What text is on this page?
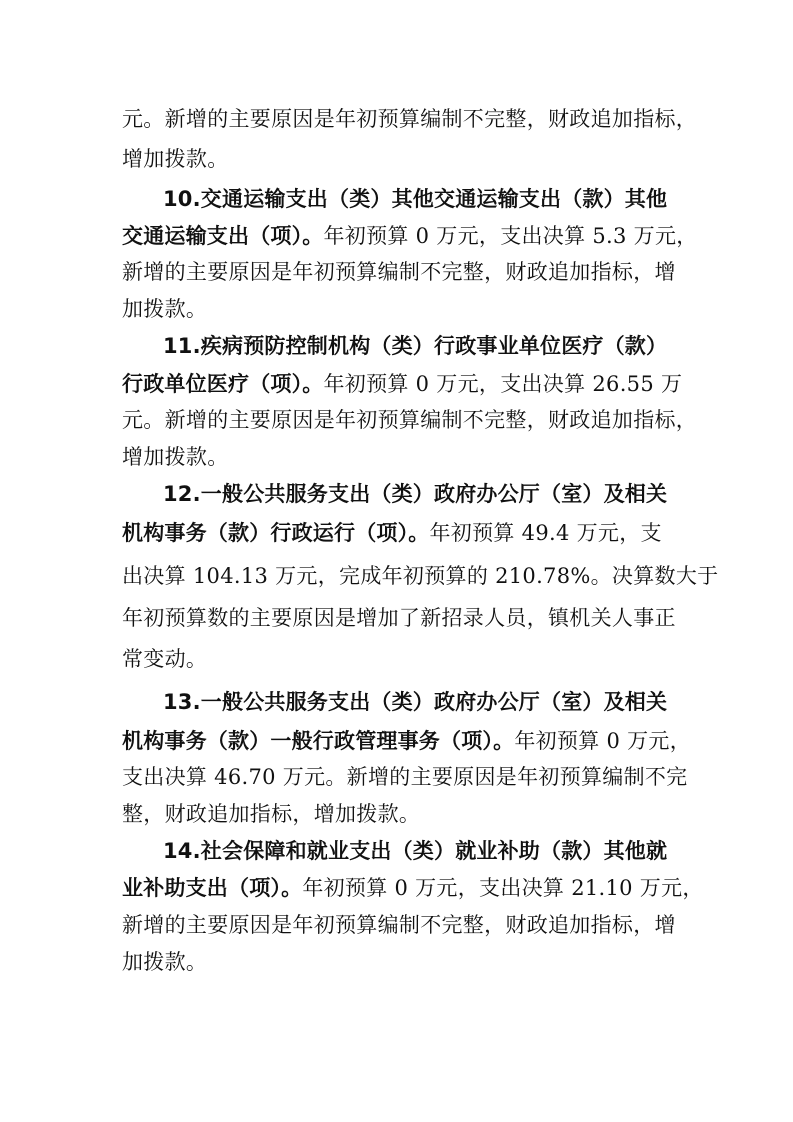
元。新增的主要原因是年初预算编制不完整，财政追加指标，
增加拨款。
10.交通运输支出（类）其他交通运输支出（款）其他
交通运输支出（项）。年初预算 0 万元，支出决算 5.3 万元，
新增的主要原因是年初预算编制不完整，财政追加指标，增
加拨款。
11.疾病预防控制机构（类）行政事业单位医疗（款）
行政单位医疗（项）。年初预算 0 万元，支出决算 26.55 万
元。新增的主要原因是年初预算编制不完整，财政追加指标，
增加拨款。
12.一般公共服务支出（类）政府办公厅（室）及相关
机构事务（款）行政运行（项）。年初预算 49.4 万元，支
出决算 104.13 万元，完成年初预算的 210.78%。决算数大于
年初预算数的主要原因是增加了新招录人员，镇机关人事正
常变动。
13.一般公共服务支出（类）政府办公厅（室）及相关
机构事务（款）一般行政管理事务（项）。年初预算 0 万元，
支出决算 46.70 万元。新增的主要原因是年初预算编制不完
整，财政追加指标，增加拨款。
14.社会保障和就业支出（类）就业补助（款）其他就
业补助支出（项）。年初预算 0 万元，支出决算 21.10 万元，
新增的主要原因是年初预算编制不完整，财政追加指标，增
加拨款。
